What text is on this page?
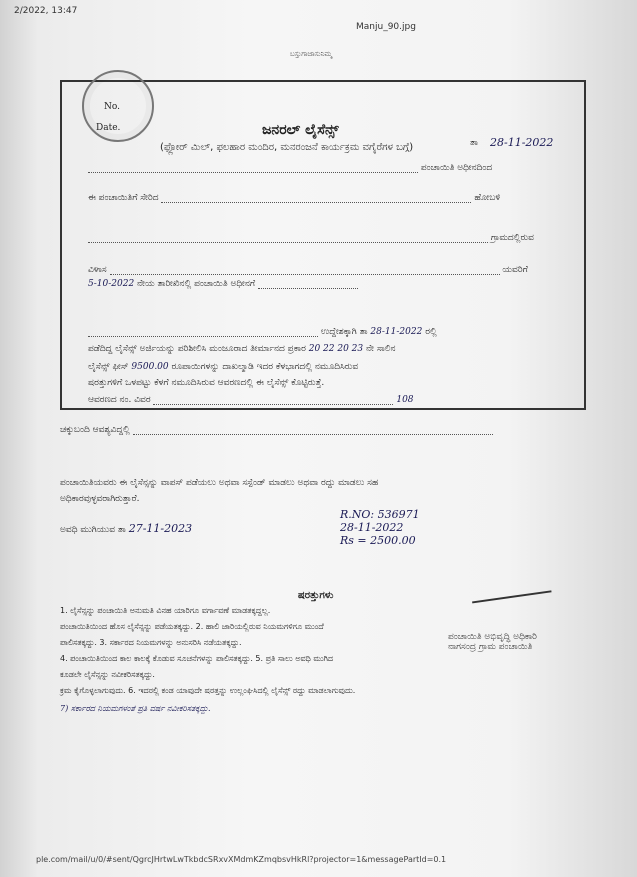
2/2022, 13:47
Manju_90.jpg
ಬಸ್ತುಗಾಜಾಸುನಿಮ್ಮ
No.
Date.	ಜನರಲ್ ಲೈಸೆನ್ಸ್
(ಫ್ಲೋರ್ ಮಿಲ್, ಫಲಹಾರ ಮಂದಿರ, ಮನರಂಜನೆ ಕಾರ್ಯಕ್ರಮ ವಗೈರೆಗಳ ಬಗ್ಗೆ)	ತಾ 28-11-2022
ಪಂಚಾಯಿತಿ ಅಧೀನದಿಂದ
ಈ ಪಂಚಾಯಿತಿಗೆ ಸೇರಿದ	ಹೋಬಳಿ
ಗ್ರಾಮದಲ್ಲಿರುವ
ವಿಳಾಸ	ಯವರಿಗೆ
5-10-2022 ನೇಯ ತಾರೀಖಿನಲ್ಲಿ ಪಂಚಾಯಿತಿ ಅಧೀನಗೆ
ಉದ್ದೇಶಕ್ಕಾಗಿ ತಾ 28-11-2022 ರಲ್ಲಿ
ಪಡೆದಿದ್ದ ಲೈಸೆನ್ಸ್ ಅರ್ಜಿಯನ್ನು ಪರಿಶೀಲಿಸಿ ಮಂಜೂರಾದ ತೀರ್ಮಾನದ ಪ್ರಕಾರ 20 22 20 23 ನೇ ಸಾಲಿನ
ಲೈಸೆನ್ಸ್ ಫೀಸ್ 9500.00 ರೂಪಾಯಿಗಳನ್ನು ದಾಖಲ್ಮಾಡಿ ಇದರ ಕೆಳಭಾಗದಲ್ಲಿ ನಮೂದಿಸಿರುವ
ಷರತ್ತುಗಳಿಗೆ ಒಳಪಟ್ಟು ಕೆಳಗೆ ನಮೂದಿಸಿರುವ ಆವರಣದಲ್ಲಿ ಈ ಲೈಸೆನ್ಸ್ ಕೊಟ್ಟಿರುತ್ತೆ.
ಆವರಣದ ನಂ. ವಿವರ	108
ಚಕ್ಕುಬಂದಿ ಆವಶ್ಯವಿದ್ದಲ್ಲಿ
ಪಂಚಾಯಿತಿಯವರು ಈ ಲೈಸೆನ್ಸನ್ನು ವಾಪಸ್ ಪಡೆಯಲು ಅಥವಾ ಸಸ್ಪೆಂಡ್ ಮಾಡಲು ಅಥವಾ ರದ್ದು ಮಾಡಲು ಸಹ
ಅಧಿಕಾರವುಳ್ಳವರಾಗಿರುತ್ತಾರೆ.
ಅವಧಿ ಮುಗಿಯುವ ತಾ 27-11-2023
R.NO: 536971
28-11-2022
Rs = 2500.00
ಷರತ್ತುಗಳು
1. ಲೈಸೆನ್ಸನ್ನು ಪಂಚಾಯಿತಿ ಅನುಮತಿ ವಿನಹ ಯಾರಿಗೂ ವರ್ಗಾವಣೆ ಮಾಡತಕ್ಕದ್ದಲ್ಲ.
ಪಂಚಾಯಿತಿಯಿಂದ ಹೊಸ ಲೈಸೆನ್ಸನ್ನು ಪಡೆಯತಕ್ಕದ್ದು. 2. ಹಾಲಿ ಜಾರಿಯಲ್ಲಿರುವ ನಿಯಮಗಳಿಗೂ ಮುಂದೆ
ಪಾಲಿಸತಕ್ಕದ್ದು. 3. ಸರ್ಕಾರದ ನಿಯಮಗಳನ್ನು ಅನುಸರಿಸಿ ನಡೆಯತಕ್ಕದ್ದು.
4. ಪಂಚಾಯಿತಿಯಿಂದ ಕಾಲ ಕಾಲಕ್ಕೆ ಕೊಡುವ ಸೂಚನೆಗಳನ್ನು ಪಾಲಿಸತಕ್ಕದ್ದು. 5. ಪ್ರತಿ ಸಾಲು ಅವಧಿ ಮುಗಿದ
ಕೂಡಲೇ ಲೈಸೆನ್ಸನ್ನು ನವೀಕರಿಸತಕ್ಕದ್ದು.
ಕ್ರಮ ಕೈಗೊಳ್ಳಲಾಗುವುದು. 6. ಇದರಲ್ಲಿ ಕಂಡ ಯಾವುದೇ ಷರತ್ತನ್ನು ಉಲ್ಲಂಘಿಸಿದಲ್ಲಿ ಲೈಸೆನ್ಸ್ ರದ್ದು ಮಾಡಲಾಗುವುದು.
7) ಸರ್ಕಾರದ ನಿಯಮಗಳಂತೆ ಪ್ರತಿ ವರ್ಷ ನವೀಕರಿಸತಕ್ಕದ್ದು.
ಪಂಚಾಯಿತಿ ಅಭಿವೃದ್ಧಿ ಅಧಿಕಾರಿ
ನಾಗಸಂದ್ರ ಗ್ರಾಮ ಪಂಚಾಯಿತಿ
ple.com/mail/u/0/#sent/QgrcJHrtwLwTkbdcSRxvXMdmKZmqbsvHkRl?projector=1&messagePartId=0.1
